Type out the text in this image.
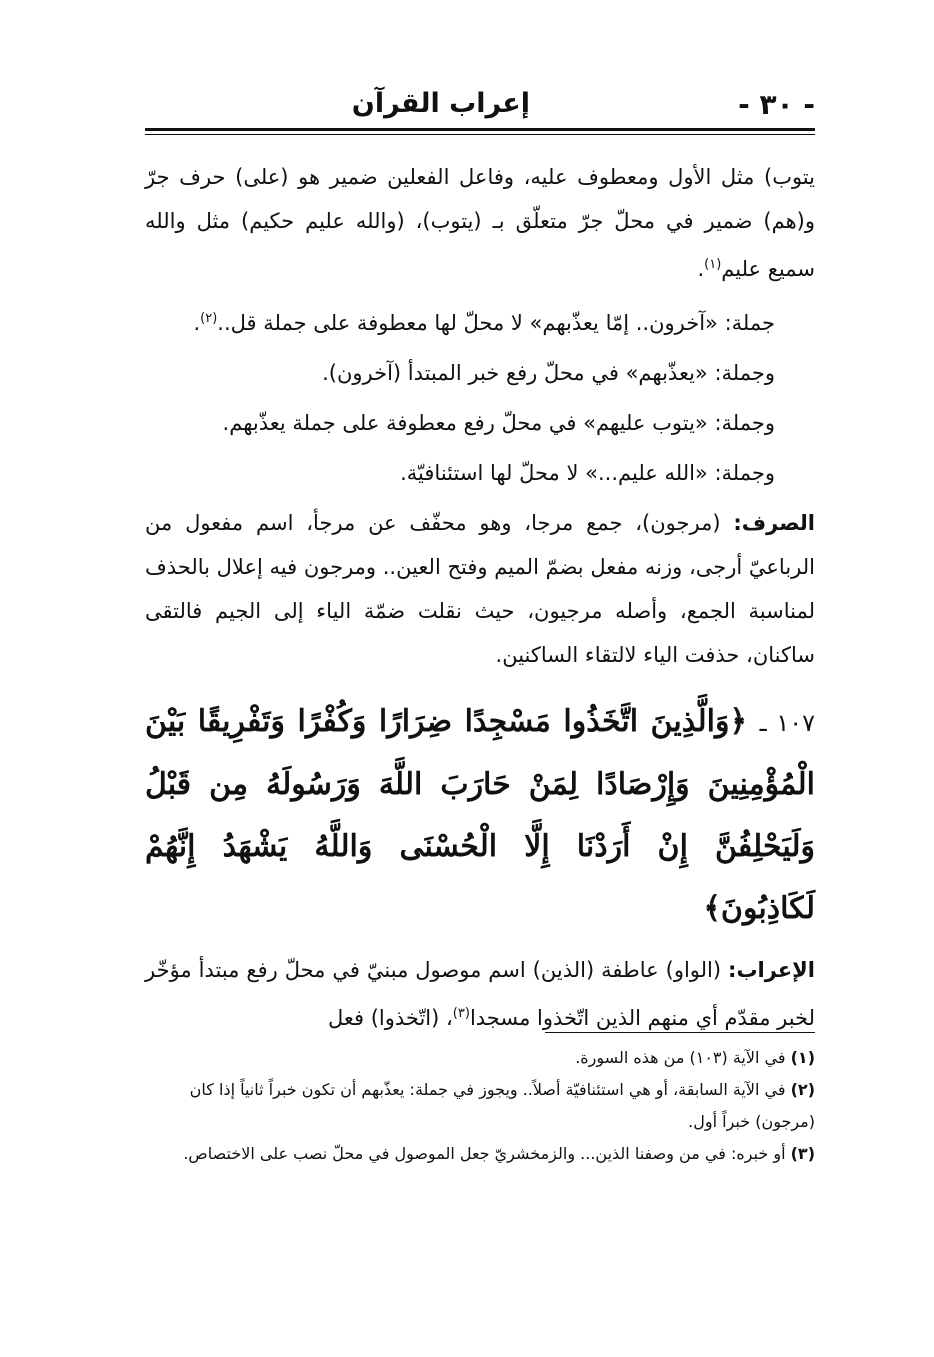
- ٣٠ -
إعراب القرآن

يتوب) مثل الأول ومعطوف عليه، وفاعل الفعلين ضمير هو (على) حرف جرّ و(هم) ضمير في محلّ جرّ متعلّق بـ (يتوب)، (والله عليم حكيم) مثل والله سميع عليم$^{(١)}$.

جملة: «آخرون.. إمّا يعذّبهم» لا محلّ لها معطوفة على جملة قل..$^{(٢)}$.

وجملة: «يعذّبهم» في محلّ رفع خبر المبتدأ (آخرون).

وجملة: «يتوب عليهم» في محلّ رفع معطوفة على جملة يعذّبهم.

وجملة: «الله عليم...» لا محلّ لها استئنافيّة.

الصرف: (مرجون)، جمع مرجا، وهو محفّف عن مرجأ، اسم مفعول من الرباعيّ أرجى، وزنه مفعل بضمّ الميم وفتح العين.. ومرجون فيه إعلال بالحذف لمناسبة الجمع، وأصله مرجيون، حيث نقلت ضمّة الياء إلى الجيم فالتقى ساكنان، حذفت الياء لالتقاء الساكنين.

١٠٧ ـ ﴿وَالَّذِينَ اتَّخَذُوا مَسْجِدًا ضِرَارًا وَكُفْرًا وَتَفْرِيقًا بَيْنَ الْمُؤْمِنِينَ وَإِرْصَادًا لِمَنْ حَارَبَ اللَّهَ وَرَسُولَهُ مِن قَبْلُ وَلَيَحْلِفُنَّ إِنْ أَرَدْنَا إِلَّا الْحُسْنَى وَاللَّهُ يَشْهَدُ إِنَّهُمْ لَكَاذِبُونَ﴾

الإعراب: (الواو) عاطفة (الذين) اسم موصول مبنيّ في محلّ رفع مبتدأ مؤخّر لخبر مقدّم أي منهم الذين اتّخذوا مسجدا$^{(٣)}$، (اتّخذوا) فعل

(١) في الآية (١٠٣) من هذه السورة.

(٢) في الآية السابقة، أو هي استئنافيّة أصلاً.. ويجوز في جملة: يعذّبهم أن تكون خبراً ثانياً إذا كان (مرجون) خبراً أول.

(٣) أو خبره: في من وصفنا الذين... والزمخشريّ جعل الموصول في محلّ نصب على الاختصاص.
